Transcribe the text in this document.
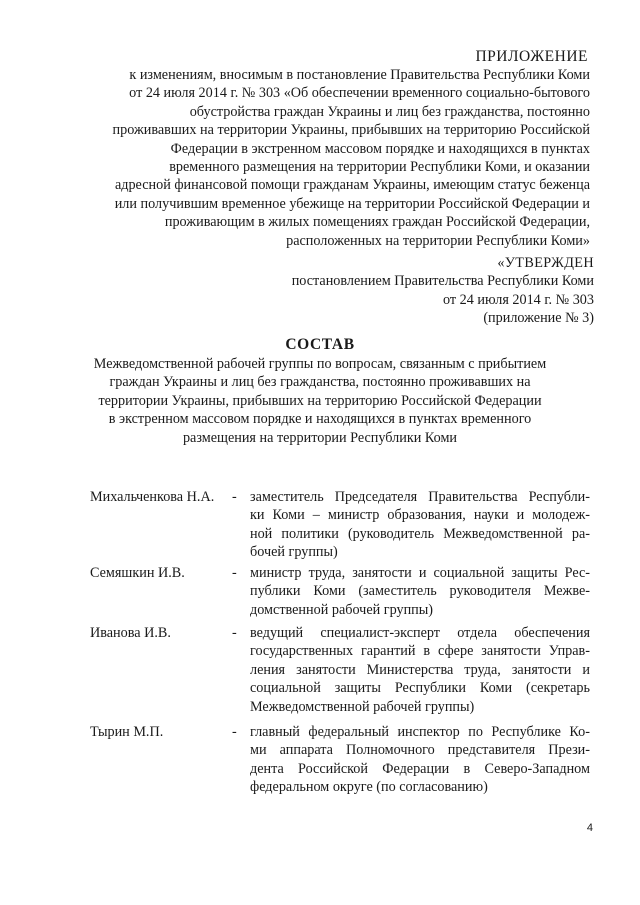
ПРИЛОЖЕНИЕ
к изменениям, вносимым в постановление Правительства Республики Коми
от 24 июля 2014 г. № 303 «Об обеспечении временного социально-бытового
обустройства граждан Украины и лиц без гражданства, постоянно
проживавших на территории Украины, прибывших на территорию Российской
Федерации в экстренном массовом порядке и находящихся в пунктах
временного размещения на территории Республики Коми, и оказании
адресной финансовой помощи гражданам Украины, имеющим статус беженца
или получившим временное убежище на территории Российской Федерации и
проживающим в жилых помещениях граждан Российской Федерации,
расположенных на территории Республики Коми»
«УТВЕРЖДЕН
постановлением Правительства Республики Коми
от 24 июля 2014 г. № 303
(приложение № 3)
СОСТАВ
Межведомственной рабочей группы по вопросам, связанным с прибытием
граждан Украины и лиц без гражданства, постоянно проживавших на
территории Украины, прибывших на территорию Российской Федерации
в экстренном массовом порядке и находящихся в пунктах временного
размещения на территории Республики Коми
Михальченкова Н.А. - заместитель Председателя Правительства Республи-
ки Коми – министр образования, науки и молодеж-
ной политики (руководитель Межведомственной ра-
бочей группы)
Семяшкин И.В.	- министр труда, занятости и социальной защиты Рес-
публики Коми (заместитель руководителя Межве-
домственной рабочей группы)
Иванова И.В.	- ведущий специалист-эксперт отдела обеспечения
государственных гарантий в сфере занятости Управ-
ления занятости Министерства труда, занятости и
социальной защиты Республики Коми (секретарь
Межведомственной рабочей группы)
Тырин М.П.	- главный федеральный инспектор по Республике Ко-
ми аппарата Полномочного представителя Прези-
дента Российской Федерации в Северо-Западном
федеральном округе (по согласованию)
4
